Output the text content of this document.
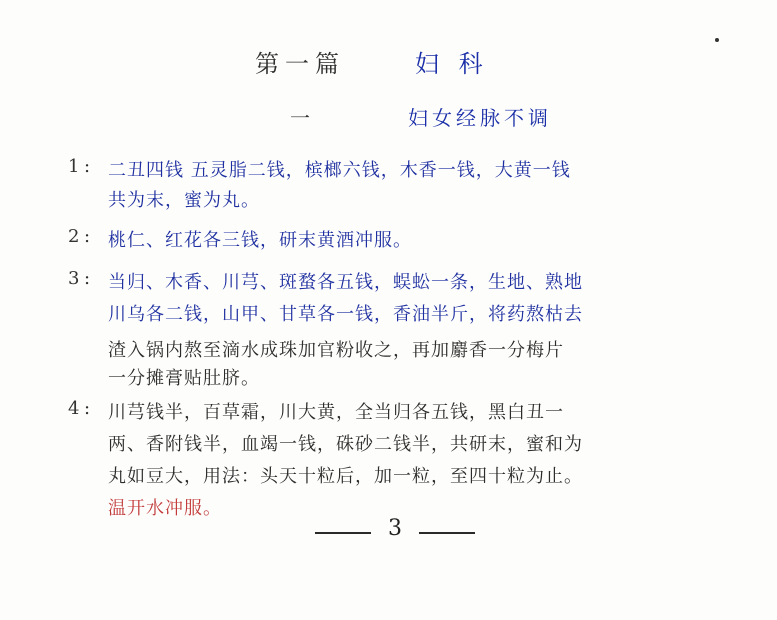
第一篇	妇 科
一	妇女经脉不调
1 : 二丑四钱 五灵脂二钱，槟榔六钱，木香一钱，大黄一钱
共为末，蜜为丸。
2 : 桃仁、红花各三钱，研末黄酒冲服。
3 : 当归、木香、川芎、斑蝥各五钱，蜈蚣一条，生地、熟地
川乌各二钱，山甲、甘草各一钱，香油半斤，将药熬枯去
渣入锅内熬至滴水成珠加官粉收之，再加麝香一分梅片
一分摊膏贴肚脐。
4 : 川芎钱半，百草霜，川大黄，全当归各五钱，黑白丑一
两、香附钱半，血竭一钱，硃砂二钱半，共研末，蜜和为
丸如豆大，用法：头天十粒后，加一粒，至四十粒为止。
温开水冲服。
3
